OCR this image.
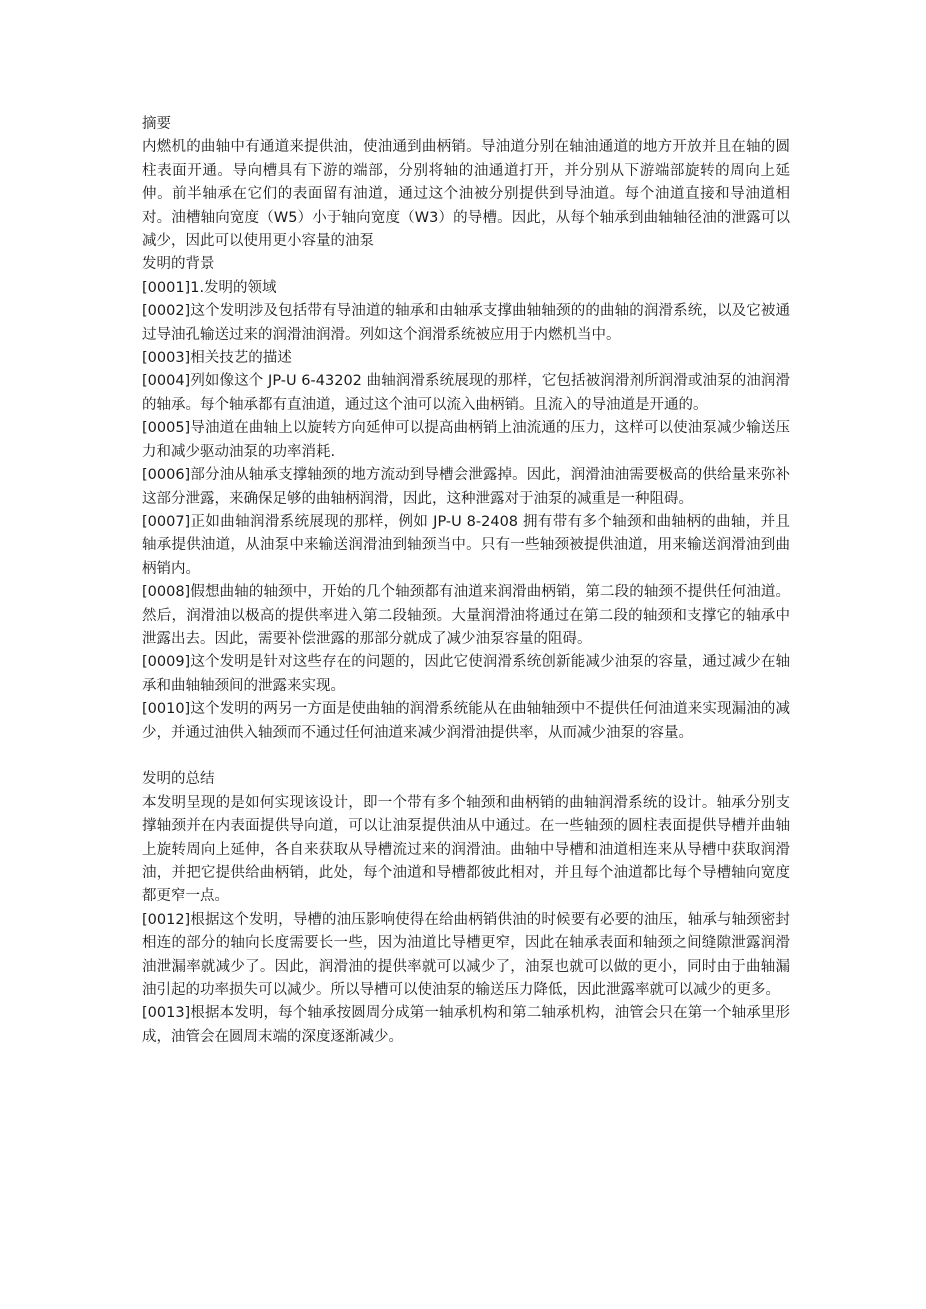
摘要

内燃机的曲轴中有通道来提供油，使油通到曲柄销。导油道分别在轴油通道的地方开放并且在轴的圆柱表面开通。导向槽具有下游的端部，分别将轴的油通道打开，并分别从下游端部旋转的周向上延伸。前半轴承在它们的表面留有油道，通过这个油被分别提供到导油道。每个油道直接和导油道相对。油槽轴向宽度（W5）小于轴向宽度（W3）的导槽。因此，从每个轴承到曲轴轴径油的泄露可以减少，因此可以使用更小容量的油泵

发明的背景

[0001]1.发明的领域

[0002]这个发明涉及包括带有导油道的轴承和由轴承支撑曲轴轴颈的的曲轴的润滑系统，以及它被通过导油孔输送过来的润滑油润滑。列如这个润滑系统被应用于内燃机当中。

[0003]相关技艺的描述

[0004]列如像这个 JP-U 6-43202 曲轴润滑系统展现的那样，它包括被润滑剂所润滑或油泵的油润滑的轴承。每个轴承都有直油道，通过这个油可以流入曲柄销。且流入的导油道是开通的。

[0005]导油道在曲轴上以旋转方向延伸可以提高曲柄销上油流通的压力，这样可以使油泵减少输送压力和减少驱动油泵的功率消耗.

[0006]部分油从轴承支撑轴颈的地方流动到导槽会泄露掉。因此，润滑油油需要极高的供给量来弥补这部分泄露，来确保足够的曲轴柄润滑，因此，这种泄露对于油泵的减重是一种阻碍。

[0007]正如曲轴润滑系统展现的那样，例如 JP-U 8-2408 拥有带有多个轴颈和曲轴柄的曲轴，并且轴承提供油道，从油泵中来输送润滑油到轴颈当中。只有一些轴颈被提供油道，用来输送润滑油到曲柄销内。

[0008]假想曲轴的轴颈中，开始的几个轴颈都有油道来润滑曲柄销，第二段的轴颈不提供任何油道。然后，润滑油以极高的提供率进入第二段轴颈。大量润滑油将通过在第二段的轴颈和支撑它的轴承中泄露出去。因此，需要补偿泄露的那部分就成了减少油泵容量的阻碍。

[0009]这个发明是针对这些存在的问题的，因此它使润滑系统创新能减少油泵的容量，通过减少在轴承和曲轴轴颈间的泄露来实现。

[0010]这个发明的两另一方面是使曲轴的润滑系统能从在曲轴轴颈中不提供任何油道来实现漏油的减少，并通过油供入轴颈而不通过任何油道来减少润滑油提供率，从而减少油泵的容量。

发明的总结

本发明呈现的是如何实现该设计，即一个带有多个轴颈和曲柄销的曲轴润滑系统的设计。轴承分别支撑轴颈并在内表面提供导向道，可以让油泵提供油从中通过。在一些轴颈的圆柱表面提供导槽并曲轴上旋转周向上延伸，各自来获取从导槽流过来的润滑油。曲轴中导槽和油道相连来从导槽中获取润滑油，并把它提供给曲柄销，此处，每个油道和导槽都彼此相对，并且每个油道都比每个导槽轴向宽度都更窄一点。

[0012]根据这个发明，导槽的油压影响使得在给曲柄销供油的时候要有必要的油压，轴承与轴颈密封相连的部分的轴向长度需要长一些，因为油道比导槽更窄，因此在轴承表面和轴颈之间缝隙泄露润滑油泄漏率就减少了。因此，润滑油的提供率就可以减少了，油泵也就可以做的更小，同时由于曲轴漏油引起的功率损失可以减少。所以导槽可以使油泵的输送压力降低，因此泄露率就可以减少的更多。

[0013]根据本发明，每个轴承按圆周分成第一轴承机构和第二轴承机构，油管会只在第一个轴承里形成，油管会在圆周末端的深度逐渐减少。
